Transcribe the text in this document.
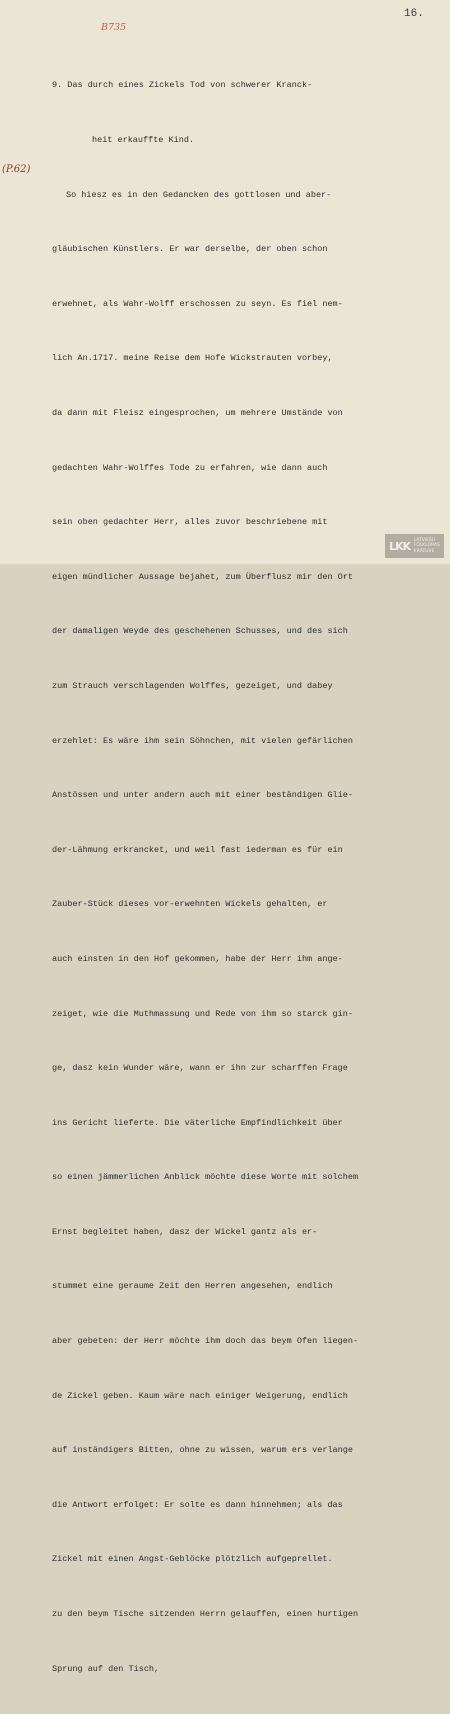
16.
B735
(P.62)

9. Das durch eines Zickels Tod von schwerer Kranck-

heit erkauffte Kind.

So hiesz es in den Gedancken des gottlosen und aber-

gläubischen Künstlers. Er war derselbe, der oben schon

erwehnet, als Wahr-Wolff erschossen zu seyn. Es fiel nem-

lich An.1717. meine Reise dem Hofe Wickstrauten vorbey,

da dann mit Fleisz eingesprochen, um mehrere Umstände von

gedachten Wahr-Wolffes Tode zu erfahren, wie dann auch

sein oben gedachter Herr, alles zuvor beschriebene mit

eigen mündlicher Aussage bejahet, zum Überflusz mir den Ort

der damaligen Weyde des geschehenen Schusses, und des sich

zum Strauch verschlagenden Wolffes, gezeiget, und dabey

erzehlet: Es wäre ihm sein Söhnchen, mit vielen gefärlichen

Anstössen und unter andern auch mit einer beständigen Glie-

der-Lähmung erkrancket, und weil fast iederman es für ein

Zauber-Stück dieses vor-erwehnten Wickels gehalten, er

auch einsten in den Hof gekommen, habe der Herr ihm ange-

zeiget, wie die Muthmassung und Rede von ihm so starck gin-

ge, dasz kein Wunder wäre, wann er ihn zur scharffen Frage

ins Gericht lieferte. Die väterliche Empfindlichkeit über

so einen jämmerlichen Anblick möchte diese Worte mit solchem

Ernst begleitet haben, dasz der Wickel gantz als er-

stummet eine geraume Zeit den Herren angesehen, endlich

aber gebeten: der Herr möchte ihm doch das beym Ofen liegen-

de Zickel geben. Kaum wäre nach einiger Weigerung, endlich

auf inständigers Bitten, ohne zu wissen, warum ers verlange

die Antwort erfolget: Er solte es dann hinnehmen; als das

Zickel mit einen Angst-Geblöcke plötzlich aufgeprellet.

zu den beym Tische sitzenden Herrn gelauffen, einen hurtigen

Sprung auf den Tisch,

LKK LATVIEŠU
FOLKLORAS
KRĀTUVE
